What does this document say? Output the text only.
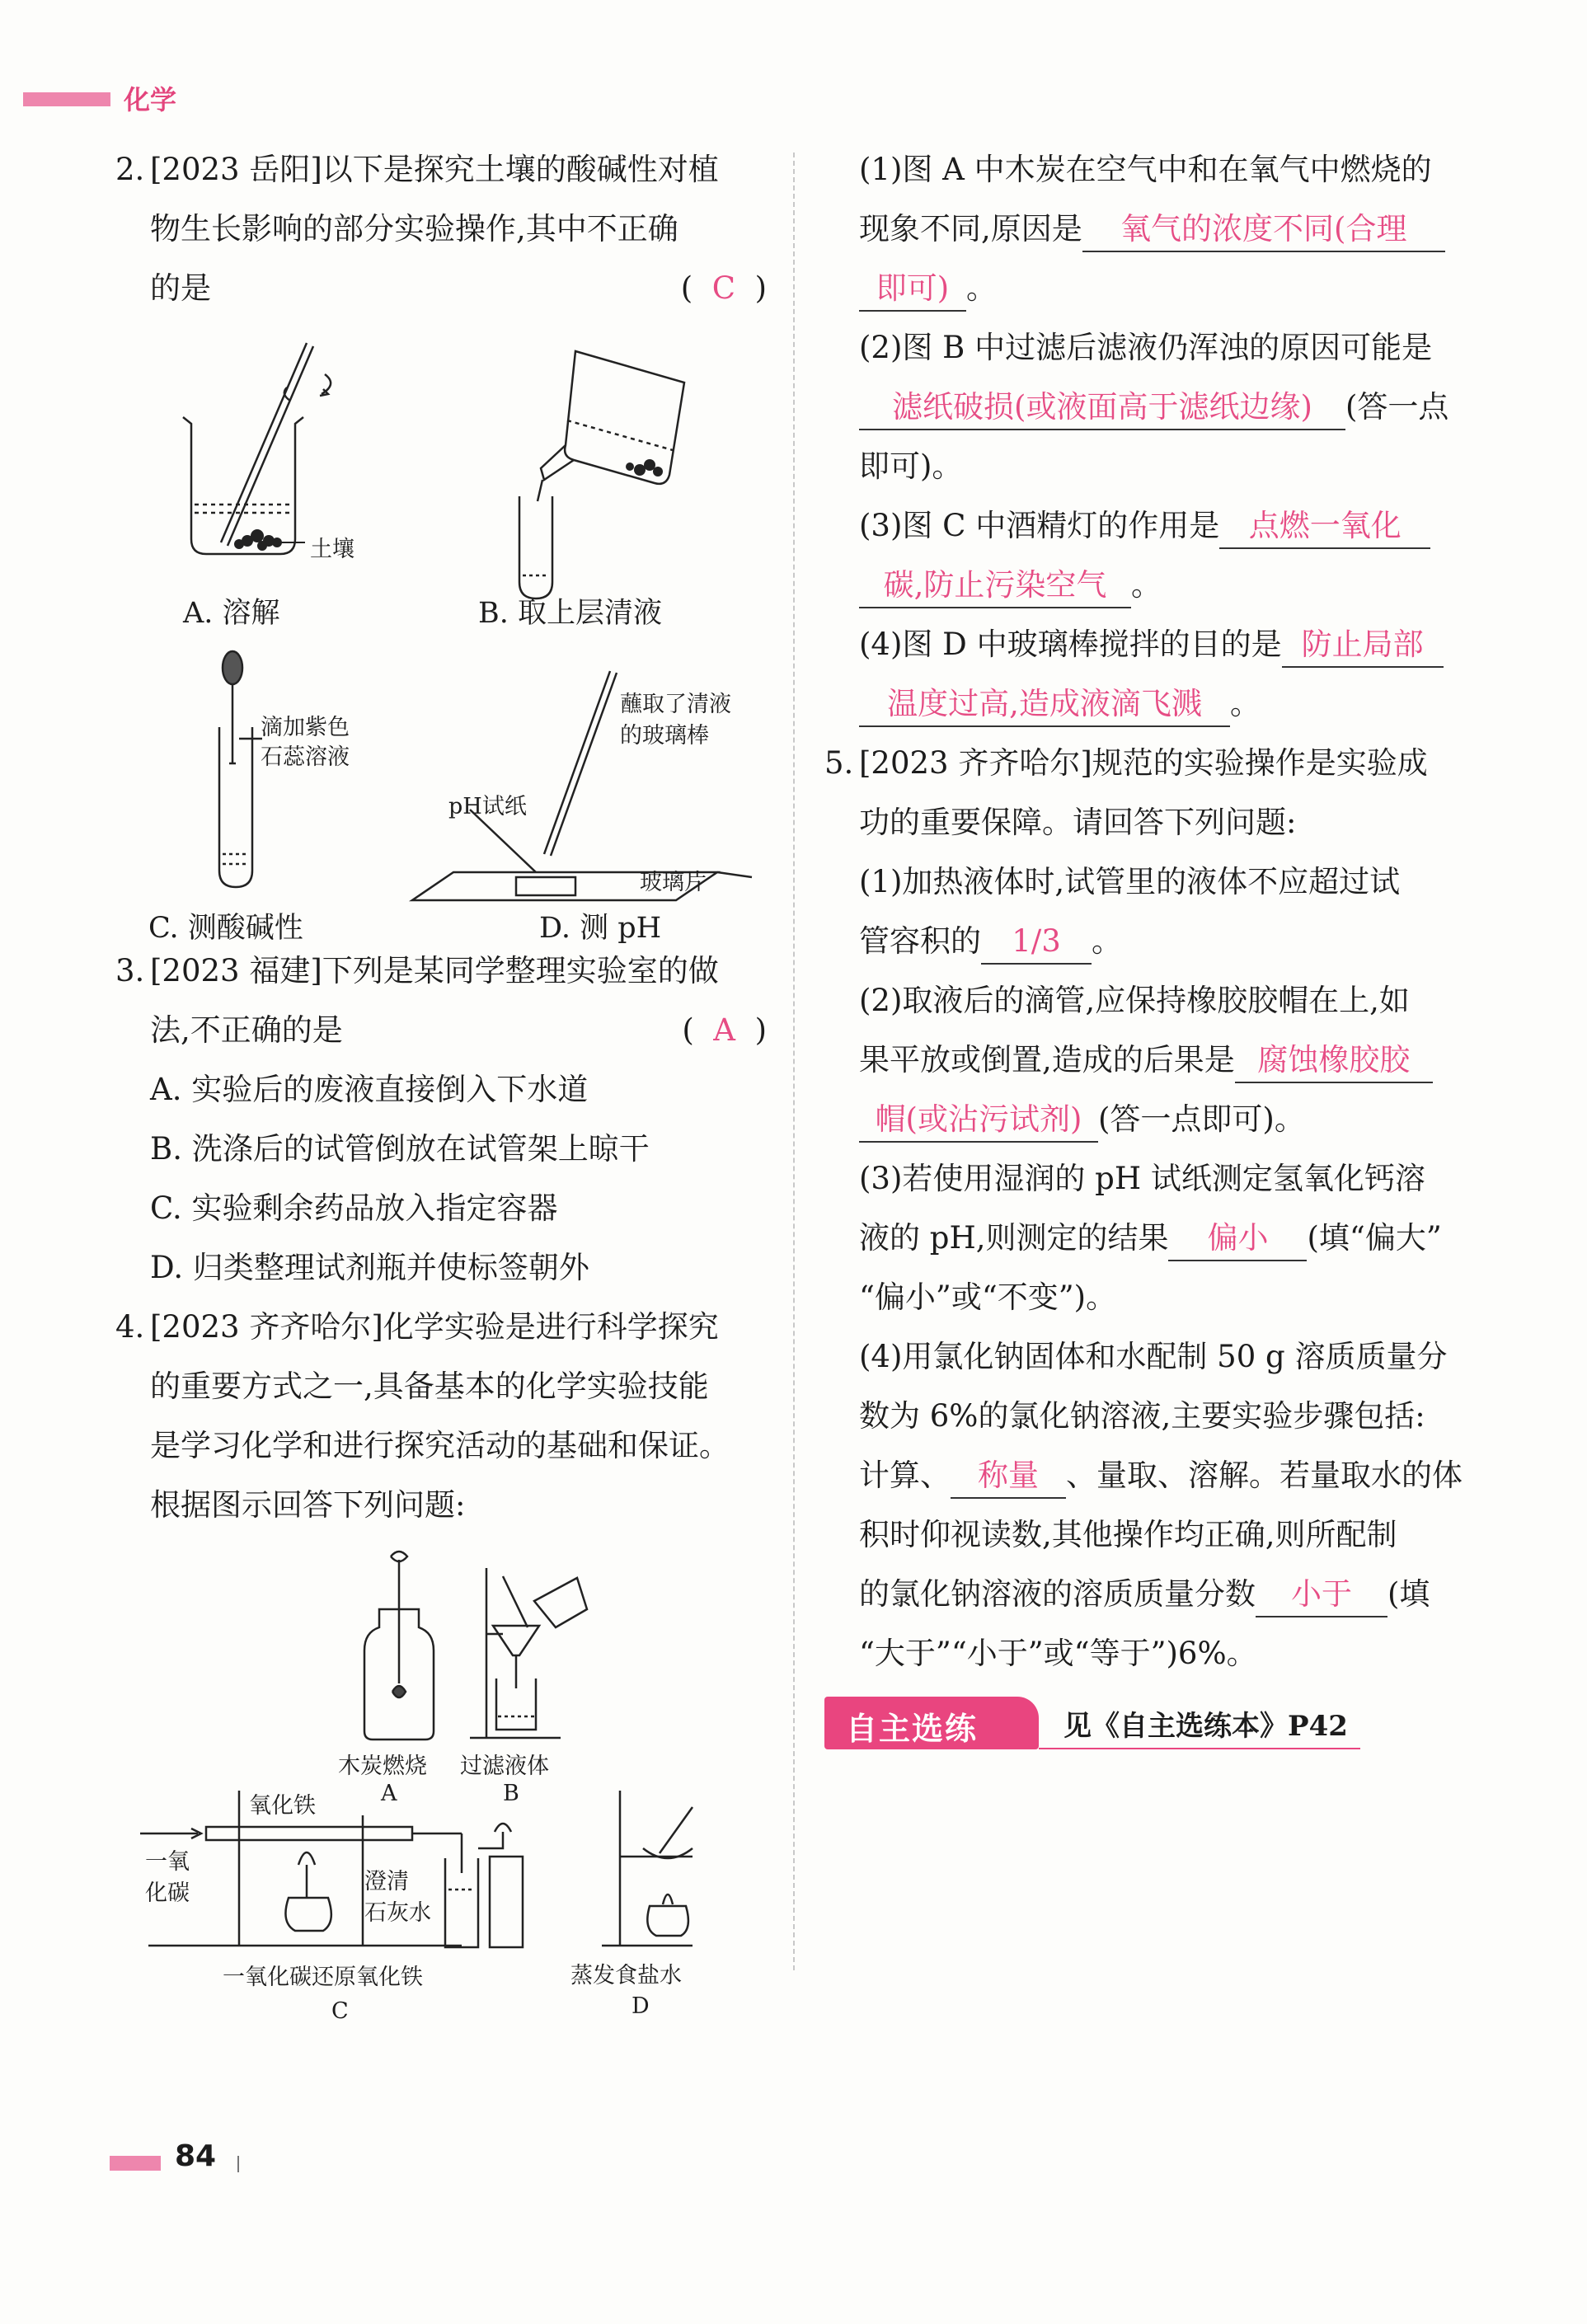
化学
2. [2023 岳阳]以下是探究土壤的酸碱性对植
物生长影响的部分实验操作,其中不正确
的是	( C )
土壤
A. 溶解	B. 取上层清液
滴加紫色
石蕊溶液
蘸取了清液
的玻璃棒
pH试纸
玻璃片
C. 测酸碱性	D. 测 pH
3. [2023 福建]下列是某同学整理实验室的做
法,不正确的是	( A )
A. 实验后的废液直接倒入下水道
B. 洗涤后的试管倒放在试管架上晾干
C. 实验剩余药品放入指定容器
D. 归类整理试剂瓶并使标签朝外
4. [2023 齐齐哈尔]化学实验是进行科学探究
的重要方式之一,具备基本的化学实验技能
是学习化学和进行探究活动的基础和保证。
根据图示回答下列问题:
木炭燃烧
A
过滤液体
B
氧化铁
一氧
化碳	澄清
石灰水
一氧化碳还原氧化铁
C
蒸发食盐水
D
(1)图 A 中木炭在空气中和在氧气中燃烧的
现象不同,原因是 氧气的浓度不同(合理
即可) 。
(2)图 B 中过滤后滤液仍浑浊的原因可能是
滤纸破损(或液面高于滤纸边缘) (答一点
即可)。
(3)图 C 中酒精灯的作用是 点燃一氧化
碳,防止污染空气 。
(4)图 D 中玻璃棒搅拌的目的是 防止局部
温度过高,造成液滴飞溅 。
5. [2023 齐齐哈尔]规范的实验操作是实验成
功的重要保障。请回答下列问题:
(1)加热液体时,试管里的液体不应超过试
管容积的 1/3 。
(2)取液后的滴管,应保持橡胶胶帽在上,如
果平放或倒置,造成的后果是 腐蚀橡胶胶
帽(或沾污试剂) (答一点即可)。
(3)若使用湿润的 pH 试纸测定氢氧化钙溶
液的 pH,则测定的结果 偏小 (填“偏大”
“偏小”或“不变”)。
(4)用氯化钠固体和水配制 50 g 溶质质量分
数为 6%的氯化钠溶液,主要实验步骤包括:
计算、 称量 、量取、溶解。若量取水的体
积时仰视读数,其他操作均正确,则所配制
的氯化钠溶液的溶质质量分数 小于 (填
“大于”“小于”或“等于”)6%。
自主选练	见《自主选练本》P42
84
